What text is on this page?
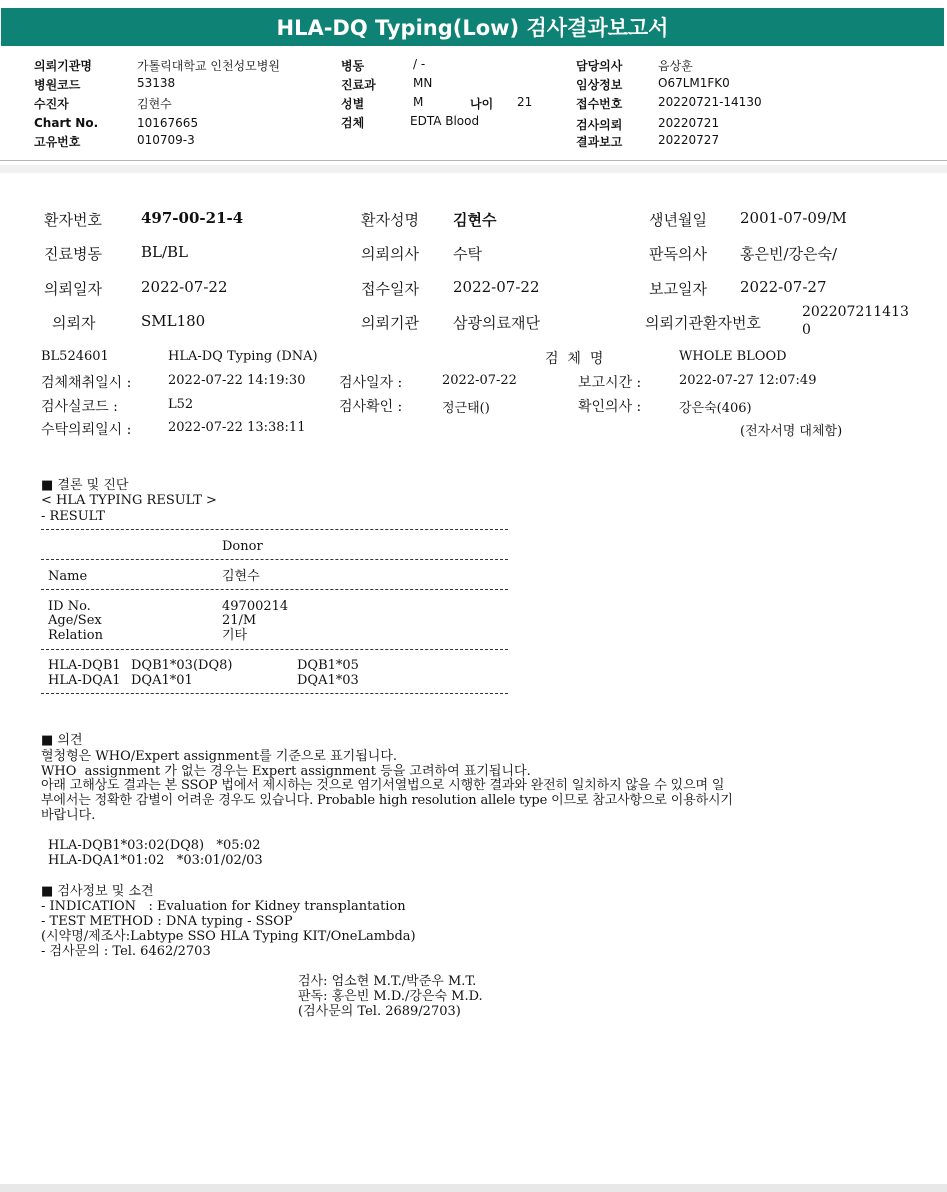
HLA-DQ Typing(Low) 검사결과보고서
의뢰기관명	가톨릭대학교 인천성모병원
병원코드	53138
수진자	김현수
Chart No.	10167665
고유번호	010709-3
병동	/ -
진료과	MN
성별	M	나이 21
검체	EDTA Blood
담당의사	음상훈
임상정보	O67LM1FK0
접수번호	20220721-14130
검사의뢰	20220721
결과보고	20220727
환자번호	497-00-21-4	환자성명 김현수	생년월일 2001-07-09/M
진료병동	BL/BL	의뢰의사 수탁	판독의사 홍은빈/강은숙/
의뢰일자	2022-07-22	접수일자 2022-07-22	보고일자 2022-07-27
의뢰자	SML180	의뢰기관 삼광의료재단	의뢰기관환자번호
202207211413
0
BL524601	HLA-DQ Typing (DNA)	검  체  명	WHOLE BLOOD
검체채취일시 :	2022-07-22 14:19:30 검사일자 :	2022-07-22	보고시간 :	2022-07-27 12:07:49
검사실코드 :	L52	검사확인 :	정근태()	확인의사 :	강은숙(406)
수탁의뢰일시 :	2022-07-22 13:38:11	(전자서명 대체함)
■ 결론 및 진단
< HLA TYPING RESULT >
- RESULT
Donor
Name	김현수
ID No.	49700214
Age/Sex	21/M
Relation	기타
HLA-DQB1 DQB1*03(DQ8)	DQB1*05
HLA-DQA1 DQA1*01	DQA1*03
■ 의견
혈청형은 WHO/Expert assignment를 기준으로 표기됩니다.
WHO  assignment 가 없는 경우는 Expert assignment 등을 고려하여 표기됩니다.
아래 고해상도 결과는 본 SSOP 법에서 제시하는 것으로 염기서열법으로 시행한 결과와 완전히 일치하지 않을 수 있으며 일
부에서는 정확한 감별이 어려운 경우도 있습니다. Probable high resolution allele type 이므로 참고사항으로 이용하시기
바랍니다.
HLA-DQB1*03:02(DQ8)   *05:02
HLA-DQA1*01:02   *03:01/02/03
■ 검사정보 및 소견
- INDICATION   : Evaluation for Kidney transplantation
- TEST METHOD : DNA typing - SSOP
(시약명/제조사:Labtype SSO HLA Typing KIT/OneLambda)
- 검사문의 : Tel. 6462/2703
검사: 엄소현 M.T./박준우 M.T.
판독: 홍은빈 M.D./강은숙 M.D.
(검사문의 Tel. 2689/2703)
